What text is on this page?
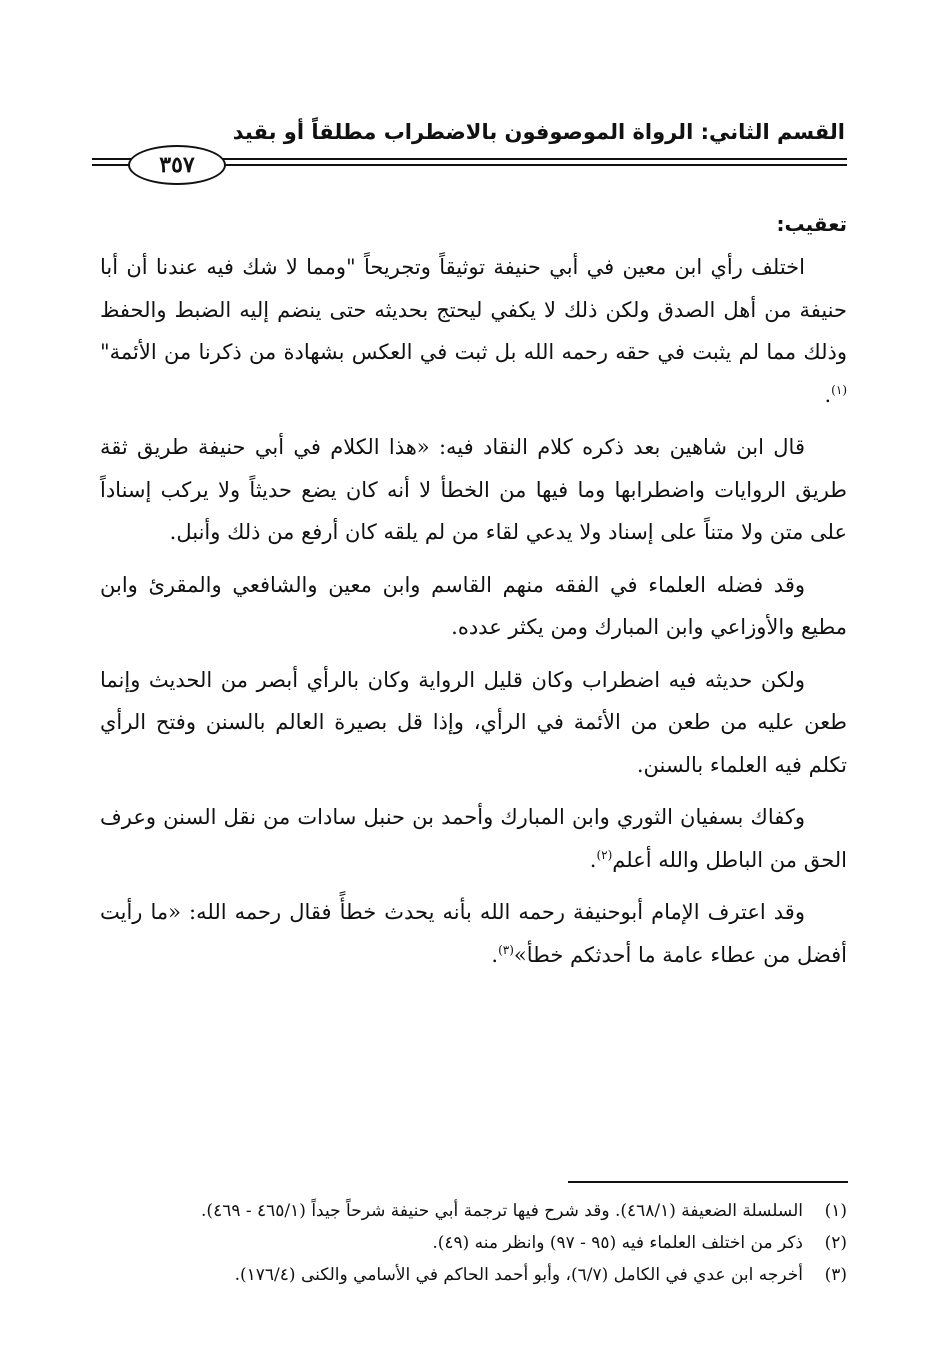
القسم الثاني: الرواة الموصوفون بالاضطراب مطلقاً أو بقيد
٣٥٧
تعقيب:
اختلف رأي ابن معين في أبي حنيفة توثيقاً وتجريحاً "ومما لا شك فيه عندنا أن أبا حنيفة من أهل الصدق ولكن ذلك لا يكفي ليحتج بحديثه حتى ينضم إليه الضبط والحفظ وذلك مما لم يثبت في حقه رحمه الله بل ثبت في العكس بشهادة من ذكرنا من الأئمة"$^{(١)}$.
قال ابن شاهين بعد ذكره كلام النقاد فيه: «هذا الكلام في أبي حنيفة طريق ثقة طريق الروايات واضطرابها وما فيها من الخطأ لا أنه كان يضع حديثاً ولا يركب إسناداً على متن ولا متناً على إسناد ولا يدعي لقاء من لم يلقه كان أرفع من ذلك وأنبل.
وقد فضله العلماء في الفقه منهم القاسم وابن معين والشافعي والمقرئ وابن مطيع والأوزاعي وابن المبارك ومن يكثر عدده.
ولكن حديثه فيه اضطراب وكان قليل الرواية وكان بالرأي أبصر من الحديث وإنما طعن عليه من طعن من الأئمة في الرأي، وإذا قل بصيرة العالم بالسنن وفتح الرأي تكلم فيه العلماء بالسنن.
وكفاك بسفيان الثوري وابن المبارك وأحمد بن حنبل سادات من نقل السنن وعرف الحق من الباطل والله أعلم$^{(٢)}$.
وقد اعترف الإمام أبوحنيفة رحمه الله بأنه يحدث خطأً فقال رحمه الله: «ما رأيت أفضل من عطاء عامة ما أحدثكم خطأ»$^{(٣)}$.
(١)
السلسلة الضعيفة (٤٦٨/١). وقد شرح فيها ترجمة أبي حنيفة شرحاً جيداً (٤٦٥/١ - ٤٦٩).
(٢)
ذكر من اختلف العلماء فيه (٩٥ - ٩٧) وانظر منه (٤٩).
(٣)
أخرجه ابن عدي في الكامل (٦/٧)، وأبو أحمد الحاكم في الأسامي والكنى (١٧٦/٤).
